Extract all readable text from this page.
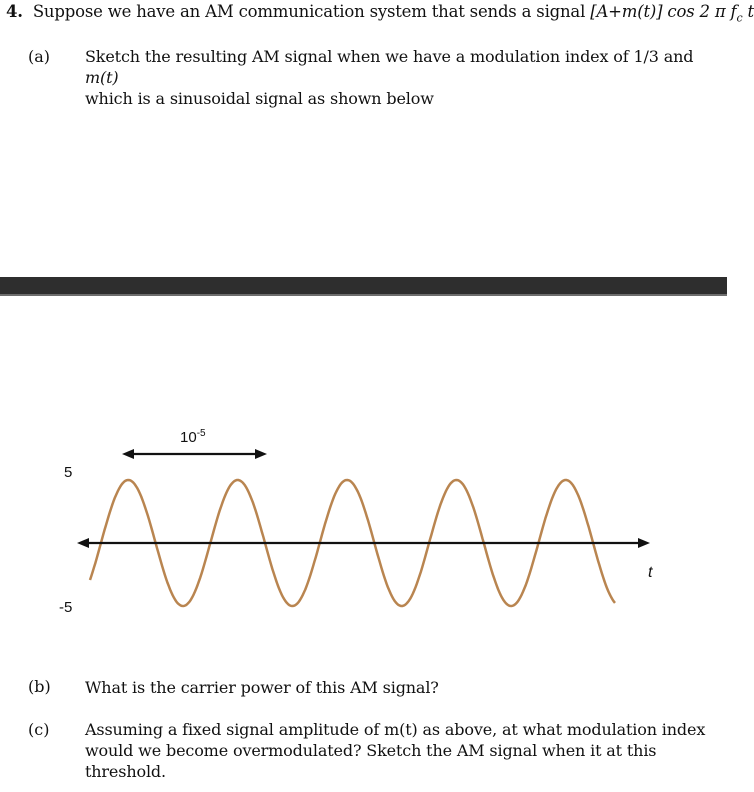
4. Suppose we have an AM communication system that sends a signal [A+m(t)] cos 2 π $f_c$ t
(a) Sketch the resulting AM signal when we have a modulation index of 1/3 and m(t)
which is a sinusoidal signal as shown below
$10^{-5}$
5
-5
t
(b) What is the carrier power of this AM signal?
(c) Assuming a fixed signal amplitude of m(t) as above, at what modulation index
would we become overmodulated? Sketch the AM signal when it at this
threshold.
